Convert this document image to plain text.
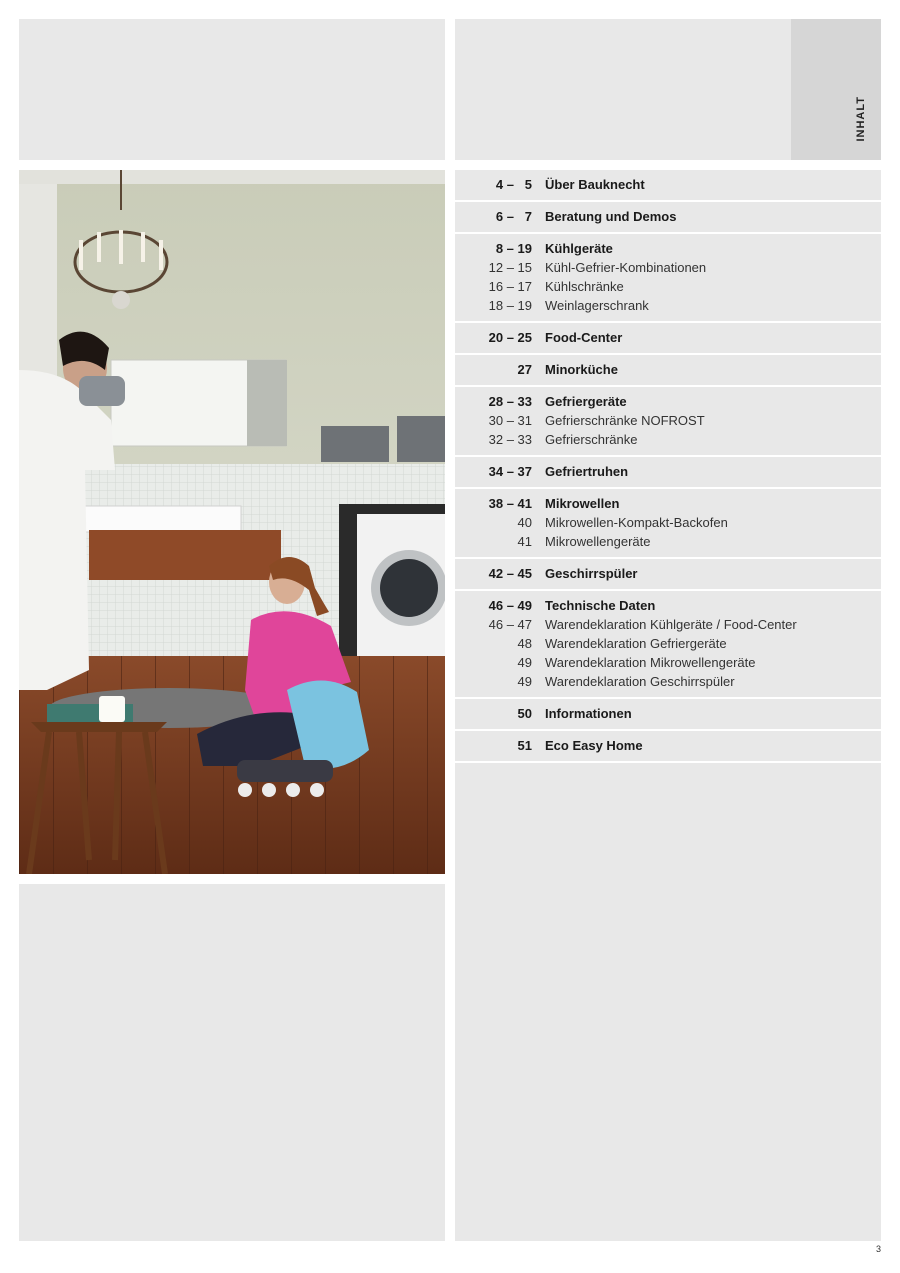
INHALT
4 –   5	Über Bauknecht
6 –   7	Beratung und Demos
8 – 19	Kühlgeräte
12 – 15	Kühl-Gefrier-Kombinationen
16 – 17	Kühlschränke
18 – 19	Weinlagerschrank
20 – 25	Food-Center
27	Minorküche
28 – 33	Gefriergeräte
30 – 31	Gefrierschränke NOFROST
32 – 33	Gefrierschränke
34 – 37	Gefriertruhen
38 – 41	Mikrowellen
40	Mikrowellen-Kompakt-Backofen
41	Mikrowellengeräte
42 – 45	Geschirrspüler
46 – 49	Technische Daten
46 – 47	Warendeklaration Kühlgeräte / Food-Center
48	Warendeklaration Gefriergeräte
49	Warendeklaration Mikrowellengeräte
49	Warendeklaration Geschirrspüler
50	Informationen
51	Eco Easy Home
3
